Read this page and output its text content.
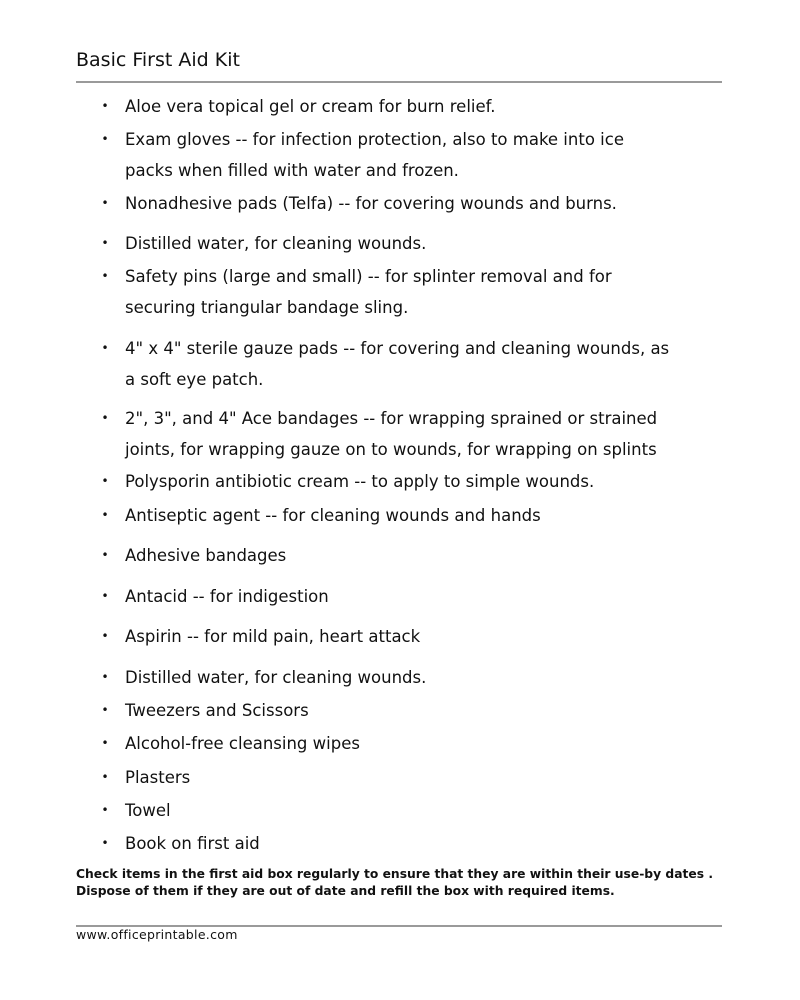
Basic First Aid Kit
• Aloe vera topical gel or cream for burn relief.
• Exam gloves -- for infection protection, also to make into ice
packs when filled with water and frozen.
• Nonadhesive pads (Telfa) -- for covering wounds and burns.
• Distilled water, for cleaning wounds.
• Safety pins (large and small) -- for splinter removal and for
securing triangular bandage sling.
• 4" x 4" sterile gauze pads -- for covering and cleaning wounds, as
a soft eye patch.
• 2", 3", and 4" Ace bandages -- for wrapping sprained or strained
joints, for wrapping gauze on to wounds, for wrapping on splints
• Polysporin antibiotic cream -- to apply to simple wounds.
• Antiseptic agent -- for cleaning wounds and hands
• Adhesive bandages
• Antacid -- for indigestion
• Aspirin -- for mild pain, heart attack
• Distilled water, for cleaning wounds.
• Tweezers and Scissors
• Alcohol-free cleansing wipes
• Plasters
• Towel
• Book on first aid

Check items in the first aid box regularly to ensure that they are within their use-by dates . Dispose of them if they are out of date and refill the box with required items.

www.officeprintable.com
